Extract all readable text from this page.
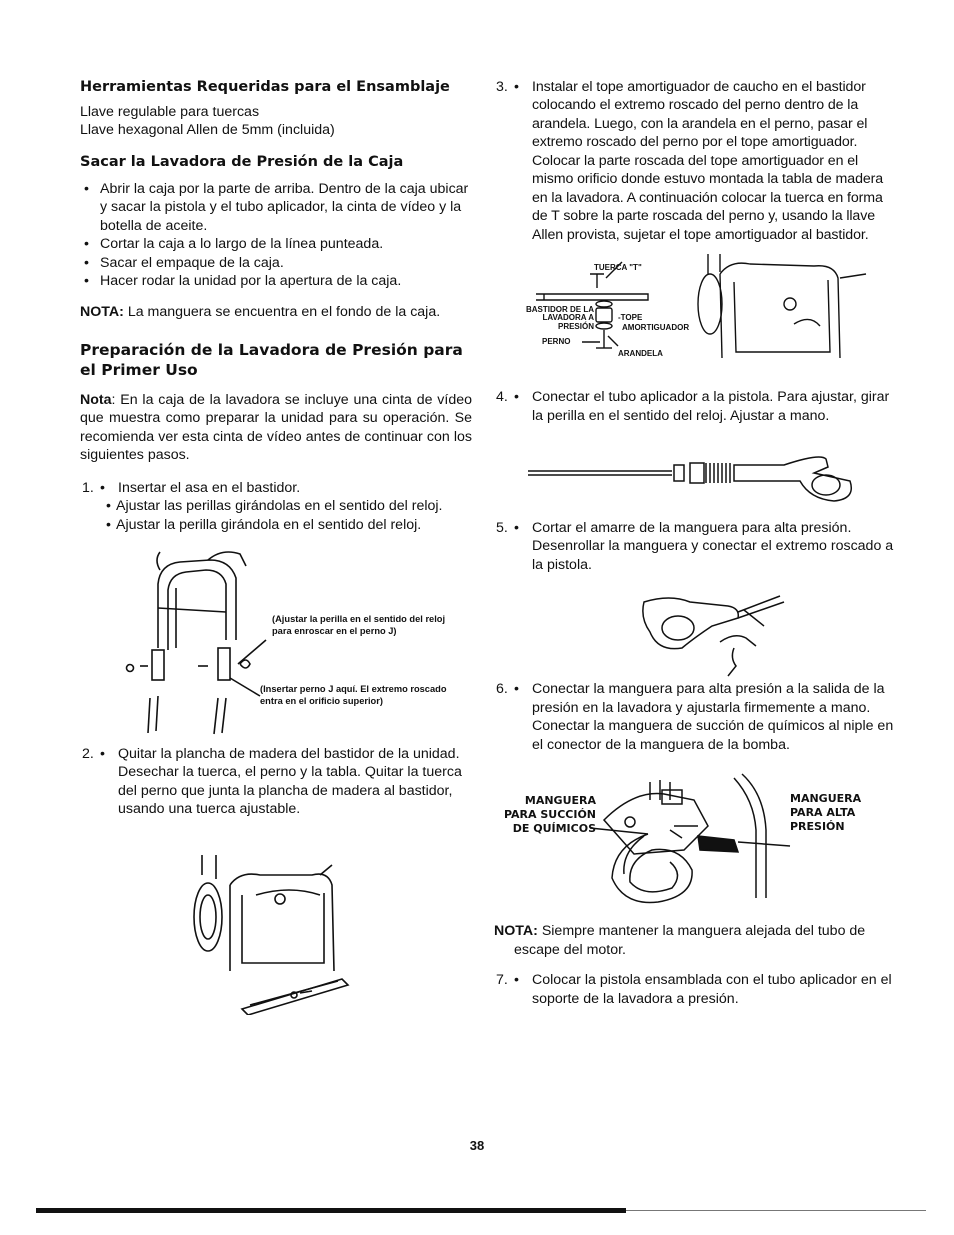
Herramientas Requeridas para el Ensamblaje

Llave regulable para tuercas

Llave hexagonal Allen de 5mm (incluida)

Sacar la Lavadora de Presión de la Caja
• Abrir la caja por la parte de arriba. Dentro de la caja ubicar y sacar la pistola y el tubo aplicador, la cinta de vídeo y la botella de aceite.
• Cortar la caja a lo largo de la línea punteada.
• Sacar el empaque de la caja.
• Hacer rodar la unidad por la apertura de la caja.

NOTA: La manguera se encuentra en el fondo de la caja.

Preparación de la Lavadora de Presión para el Primer Uso

Nota: En la caja de la lavadora se incluye una cinta de vídeo que muestra como preparar la unidad para su operación. Se recomienda ver esta cinta de vídeo antes de continuar con los siguientes pasos.

1. • Insertar el asa en el bastidor.

• Ajustar las perillas girándolas en el sentido del reloj.

• Ajustar la perilla girándola en el sentido del reloj.

(Ajustar la perilla en el sentido del reloj para enroscar en el perno J)
(Insertar perno J aquí. El extremo roscado entra en el orificio superior)

2. • Quitar la plancha de madera del bastidor de la unidad. Desechar la tuerca, el perno y la tabla. Quitar la tuerca del perno que junta la plancha de madera al bastidor, usando una tuerca ajustable.

3. • Instalar el tope amortiguador de caucho en el bastidor colocando el extremo roscado del perno dentro de la arandela. Luego, con la arandela en el perno, pasar el extremo roscado del perno por el tope amortiguador. Colocar la parte roscada del tope amortiguador en el mismo orificio donde estuvo montada la tabla de madera en la lavadora. A continuación colocar la tuerca en forma de T sobre la parte roscada del perno y, usando la llave Allen provista, sujetar el tope amortiguador al bastidor.

TUERCA "T"
BASTIDOR DE LA LAVADORA A PRESIÓN
-TOPE
AMORTIGUADOR
PERNO
ARANDELA

4. • Conectar el tubo aplicador a la pistola. Para ajustar, girar la perilla en el sentido del reloj. Ajustar a mano.

5. • Cortar el amarre de la manguera para alta presión. Desenrollar la manguera y conectar el extremo roscado a la pistola.

6. • Conectar la manguera para alta presión a la salida de la presión en la lavadora y ajustarla firmemente a mano. Conectar la manguera de succión de químicos al niple en el conector de la manguera de la bomba.

MANGUERA PARA SUCCIÓN DE QUÍMICOS
MANGUERA PARA ALTA PRESIÓN

NOTA: Siempre mantener la manguera alejada del tubo de escape del motor.

7. • Colocar la pistola ensamblada con el tubo aplicador en el soporte de la lavadora a presión.

38
